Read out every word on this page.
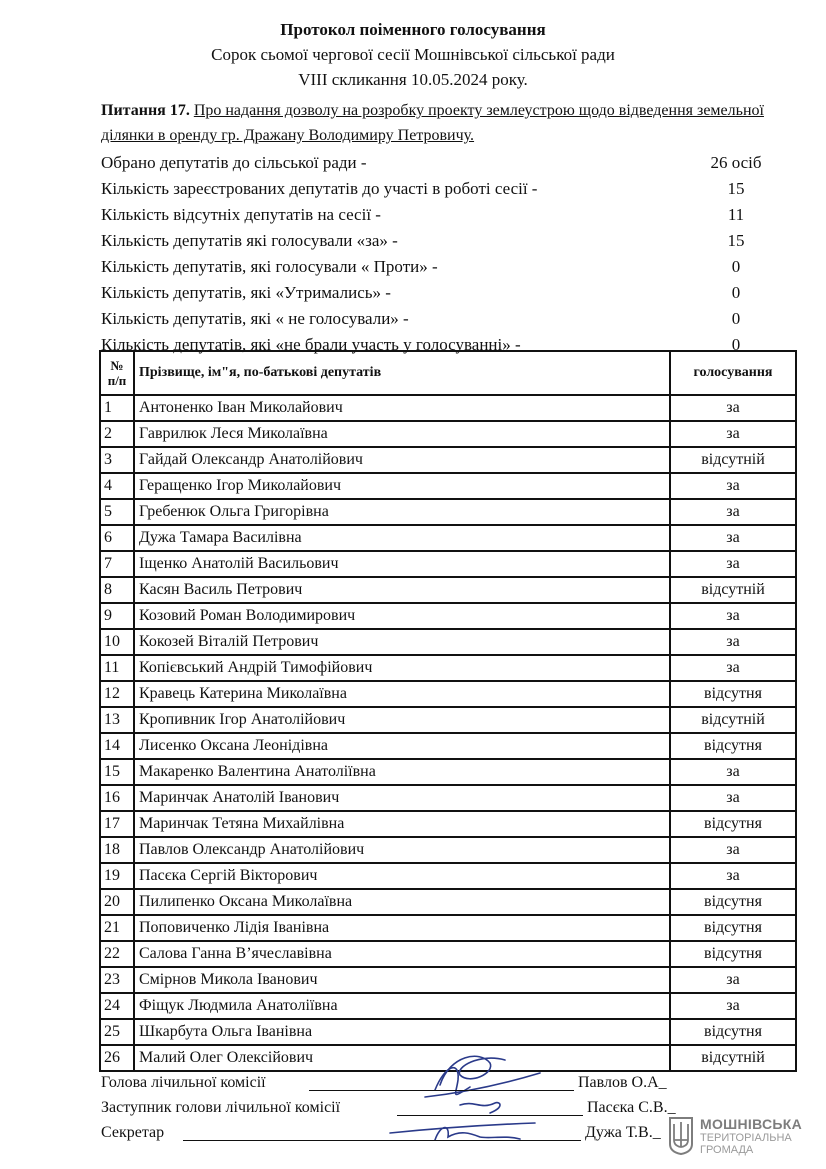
Протокол поіменного голосування
Сорок сьомої чергової сесії Мошнівської сільської ради
VIII скликання 10.05.2024 року.
Питання 17. Про надання дозволу на розробку проекту землеустрою щодо відведення земельної ділянки в оренду гр. Дражану Володимиру Петровичу.
Обрано депутатів до сільської ради -	26 осіб
Кількість зареєстрованих депутатів до участі в роботі сесії -	15
Кількість відсутніх депутатів на сесії -	11
Кількість депутатів які голосували «за» -	15
Кількість депутатів, які голосували « Проти» -	0
Кількість депутатів, які «Утримались» -	0
Кількість депутатів, які « не голосували» -	0
Кількість депутатів, які «не брали участь у голосуванні» -	0
№
п/п	Прізвище, ім"я, по-батькові депутатів	голосування
1	Антоненко Іван Миколайович	за
2	Гаврилюк Леся Миколаївна	за
3	Гайдай Олександр Анатолійович	відсутній
4	Геращенко Ігор Миколайович	за
5	Гребенюк Ольга Григорівна	за
6	Дужа Тамара Василівна	за
7	Іщенко Анатолій Васильович	за
8	Касян Василь Петрович	відсутній
9	Козовий Роман Володимирович	за
10	Кокозей Віталій Петрович	за
11	Копієвський Андрій Тимофійович	за
12	Кравець Катерина Миколаївна	відсутня
13	Кропивник Ігор Анатолійович	відсутній
14	Лисенко Оксана Леонідівна	відсутня
15	Макаренко Валентина Анатоліївна	за
16	Маринчак Анатолій Іванович	за
17	Маринчак Тетяна Михайлівна	відсутня
18	Павлов Олександр Анатолійович	за
19	Пасєка Сергій Вікторович	за
20	Пилипенко Оксана Миколаївна	відсутня
21	Поповиченко Лідія Іванівна	відсутня
22	Салова Ганна В’ячеславівна	відсутня
23	Смірнов Микола Іванович	за
24	Фіщук Людмила Анатоліївна	за
25	Шкарбута Ольга Іванівна	відсутня
26	Малий Олег Олексійович	відсутній
Голова лічильної комісії	Павлов О.А_
Заступник голови лічильної комісії	Пасєка С.В._
Секретар	Дужа Т.В._	МОШНІВСЬКА
ТЕРИТОРІАЛЬНА
ГРОМАДА
